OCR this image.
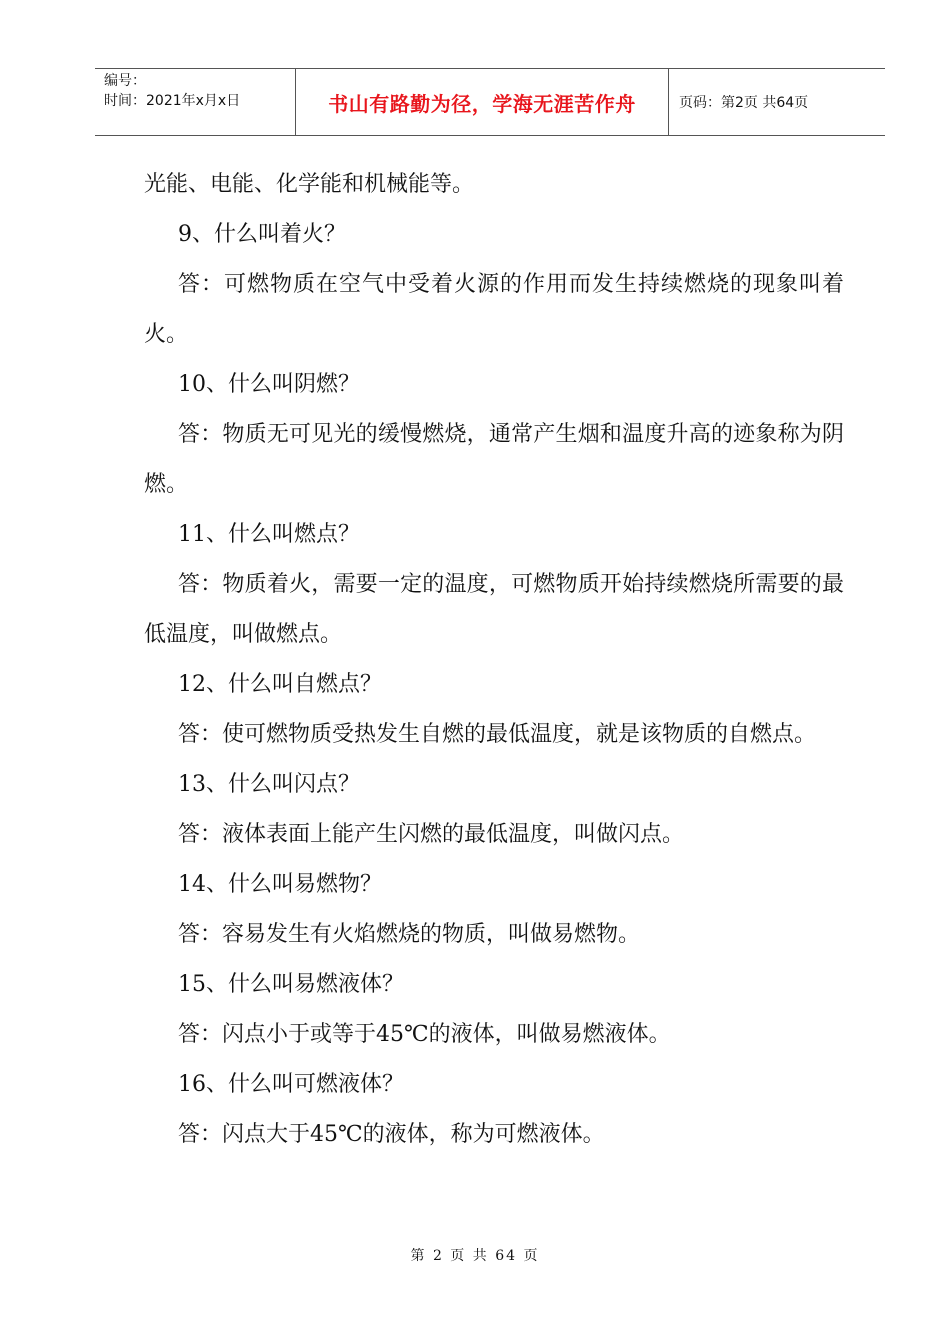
编号：
时间：2021年x月x日	书山有路勤为径，学海无涯苦作舟	页码：第2页 共64页

光能、电能、化学能和机械能等。

9、什么叫着火？

答：可燃物质在空气中受着火源的作用而发生持续燃烧的现象叫着火。

10、什么叫阴燃？

答：物质无可见光的缓慢燃烧，通常产生烟和温度升高的迹象称为阴燃。

11、什么叫燃点？

答：物质着火，需要一定的温度，可燃物质开始持续燃烧所需要的最低温度，叫做燃点。

12、什么叫自燃点？

答：使可燃物质受热发生自燃的最低温度，就是该物质的自燃点。

13、什么叫闪点？

答：液体表面上能产生闪燃的最低温度，叫做闪点。

14、什么叫易燃物？

答：容易发生有火焰燃烧的物质，叫做易燃物。

15、什么叫易燃液体？

答：闪点小于或等于45℃的液体，叫做易燃液体。

16、什么叫可燃液体？

答：闪点大于45℃的液体，称为可燃液体。

第 2 页 共 64 页
